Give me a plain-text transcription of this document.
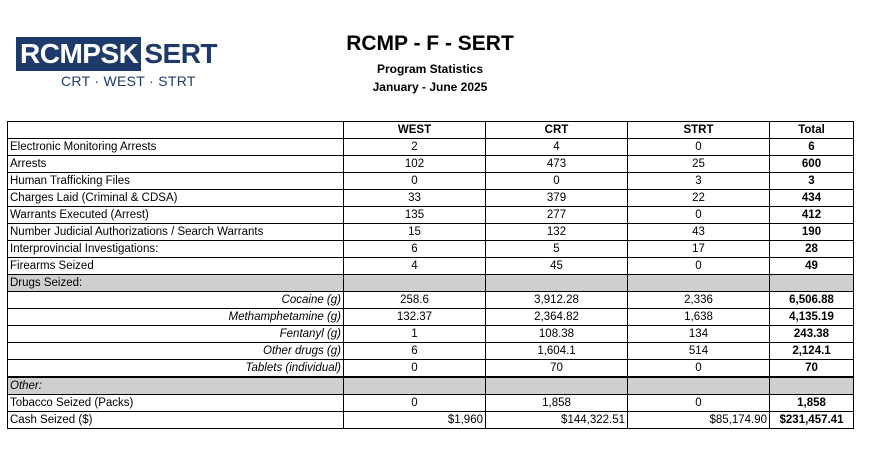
RCMPSK SERT
CRT · WEST · STRT
RCMP - F - SERT
Program Statistics
January - June 2025
	WEST	CRT	STRT	Total
Electronic Monitoring Arrests	2	4	0	6
Arrests	102	473	25	600
Human Trafficking Files	0	0	3	3
Charges Laid (Criminal & CDSA)	33	379	22	434
Warrants Executed (Arrest)	135	277	0	412
Number Judicial Authorizations / Search Warrants	15	132	43	190
Interprovincial Investigations:	6	5	17	28
Firearms Seized	4	45	0	49
Drugs Seized:				
Cocaine (g)	258.6	3,912.28	2,336	6,506.88
Methamphetamine (g)	132.37	2,364.82	1,638	4,135.19
Fentanyl (g)	1	108.38	134	243.38
Other drugs (g)	6	1,604.1	514	2,124.1
Tablets (individual)	0	70	0	70
Other:				
Tobacco Seized (Packs)	0	1,858	0	1,858
Cash Seized ($)	$1,960	$144,322.51	$85,174.90	$231,457.41
